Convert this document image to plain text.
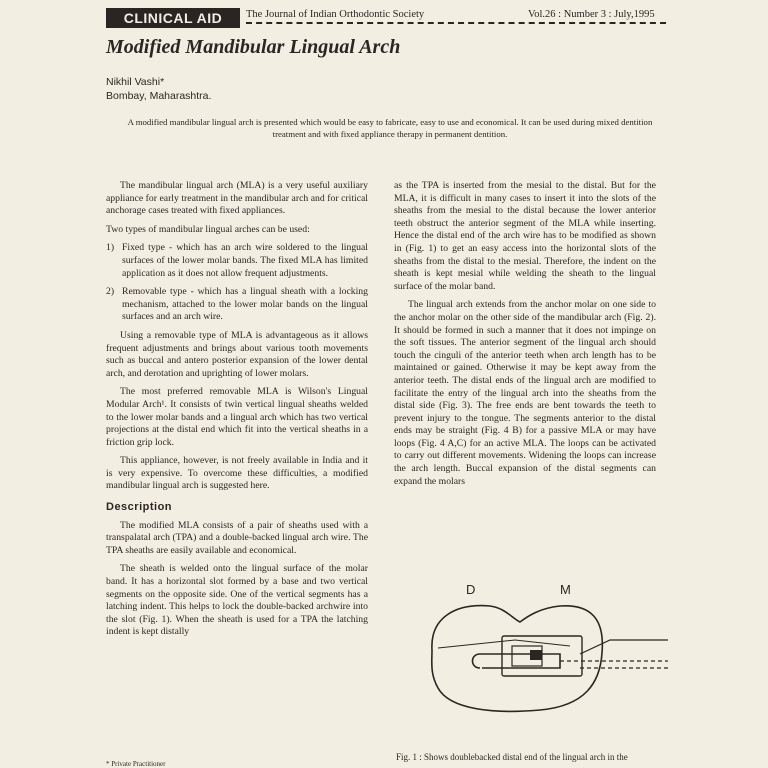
CLINICAL AID	The Journal of Indian Orthodontic Society	Vol.26 : Number 3 : July,1995
Modified Mandibular Lingual Arch
Nikhil Vashi*
Bombay, Maharashtra.
A modified mandibular lingual arch is presented which would be easy to fabricate, easy to use and economical. It can be used during mixed dentition treatment and with fixed appliance therapy in permanent dentition.

The mandibular lingual arch (MLA) is a very useful auxiliary appliance for early treatment in the mandibular arch and for critical anchorage cases treated with fixed appliances.

Two types of mandibular lingual arches can be used:

1) Fixed type - which has an arch wire soldered to the lingual surfaces of the lower molar bands. The fixed MLA has limited application as it does not allow frequent adjustments.
2) Removable type - which has a lingual sheath with a locking mechanism, attached to the lower molar bands on the lingual surfaces and an arch wire.

Using a removable type of MLA is advantageous as it allows frequent adjustments and brings about various tooth movements such as buccal and antero posterior expansion of the lower dental arch, and derotation and uprighting of lower molars.

The most preferred removable MLA is Wilson's Lingual Modular Arch¹. It consists of twin vertical lingual sheaths welded to the lower molar bands and a lingual arch which has two vertical projections at the distal end which fit into the vertical sheaths in a friction grip lock.

This appliance, however, is not freely available in India and it is very expensive. To overcome these difficulties, a modified mandibular lingual arch is suggested here.

Description

The modified MLA consists of a pair of sheaths used with a transpalatal arch (TPA) and a double-backed lingual arch wire. The TPA sheaths are easily available and economical.

The sheath is welded onto the lingual surface of the molar band. It has a horizontal slot formed by a base and two vertical segments on the opposite side. One of the vertical segments has a latching indent. This helps to lock the double-backed archwire into the slot (Fig. 1). When the sheath is used for a TPA the latching indent is kept distally

as the TPA is inserted from the mesial to the distal. But for the MLA, it is difficult in many cases to insert it into the slots of the sheaths from the mesial to the distal because the lower anterior teeth obstruct the anterior segment of the MLA while inserting. Hence the distal end of the arch wire has to be modified as shown in (Fig. 1) to get an easy access into the horizontal slots of the sheaths from the distal to the mesial. Therefore, the indent on the sheath is kept mesial while welding the sheath to the lingual surface of the molar band.

The lingual arch extends from the anchor molar on one side to the anchor molar on the other side of the mandibular arch (Fig. 2). It should be formed in such a manner that it does not impinge on the soft tissues. The anterior segment of the lingual arch should touch the cinguli of the anterior teeth when arch length has to be maintained or gained. Otherwise it may be kept away from the anterior teeth. The distal ends of the lingual arch are modified to facilitate the entry of the lingual arch into the sheaths from the distal side (Fig. 3). The free ends are bent towards the teeth to prevent injury to the tongue. The segments anterior to the distal ends may be straight (Fig. 4 B) for a passive MLA or may have loops (Fig. 4 A,C) for an active MLA. The loops can be activated to carry out different movements. Widening the loops can increase the arch length. Buccal expansion of the distal segments can expand the molars

D	M
Fig. 1 : Shows doublebacked distal end of the lingual arch in the
* Private Practitioner
